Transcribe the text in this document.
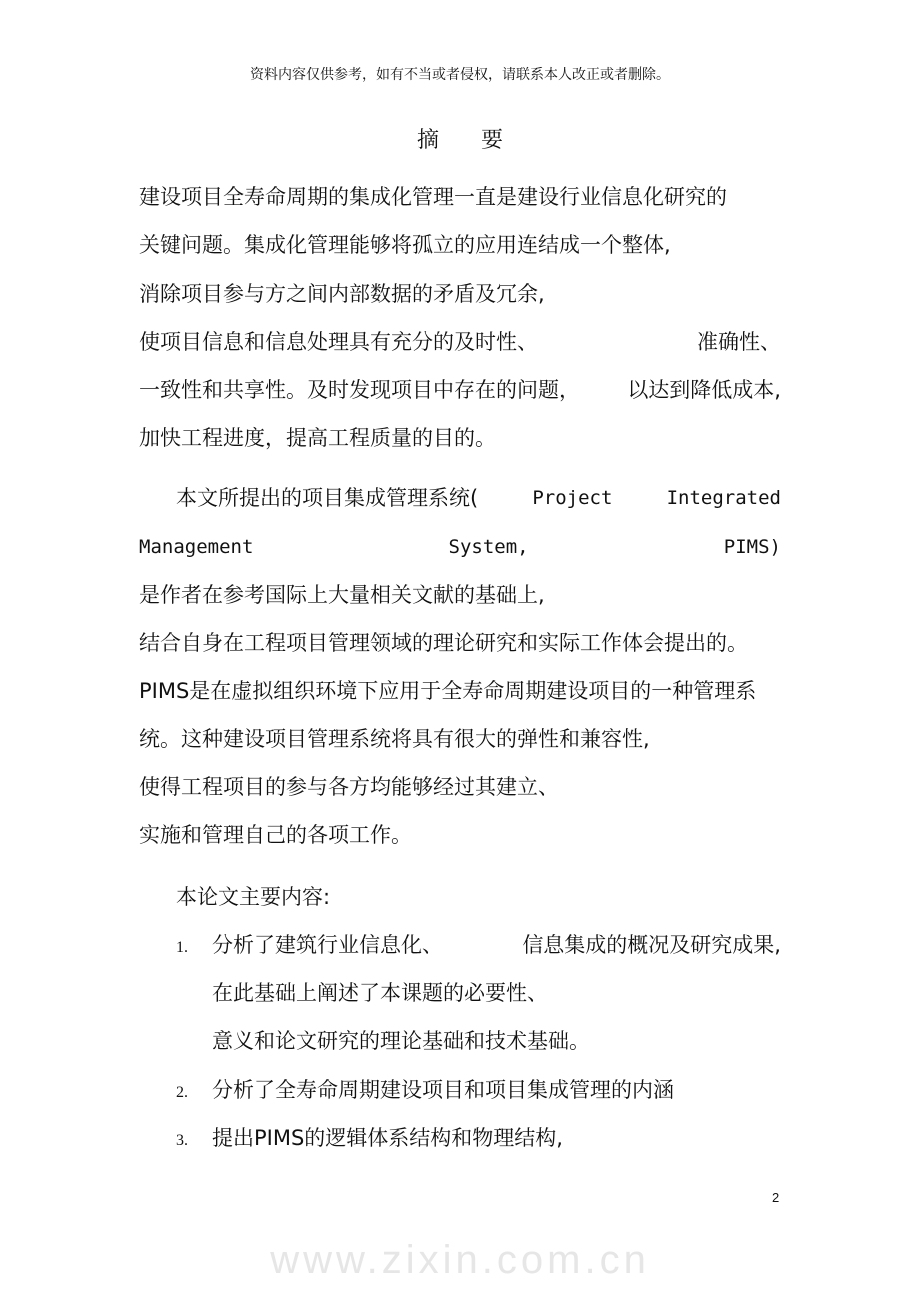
资料内容仅供参考，如有不当或者侵权，请联系本人改正或者删除。
摘要
建设项目全寿命周期的集成化管理一直是建设行业信息化研究的
关键问题。集成化管理能够将孤立的应用连结成一个整体,
消除项目参与方之间内部数据的矛盾及冗余,
使项目信息和信息处理具有充分的及时性、	准确性、
一致性和共享性。及时发现项目中存在的问题， 以达到降低成本,
加快工程进度，提高工程质量的目的。
本文所提出的项目集成管理系统(	Project	Integrated
Management	System,	PIMS)
是作者在参考国际上大量相关文献的基础上,
结合自身在工程项目管理领域的理论研究和实际工作体会提出的。
PIMS是在虚拟组织环境下应用于全寿命周期建设项目的一种管理系
统。这种建设项目管理系统将具有很大的弹性和兼容性,
使得工程项目的参与各方均能够经过其建立、
实施和管理自己的各项工作。
本论文主要内容:
1. 分析了建筑行业信息化、	信息集成的概况及研究成果,
在此基础上阐述了本课题的必要性、
意义和论文研究的理论基础和技术基础。
2. 分析了全寿命周期建设项目和项目集成管理的内涵
3. 提出PIMS的逻辑体系结构和物理结构,
2
www.zixin.com.cn
